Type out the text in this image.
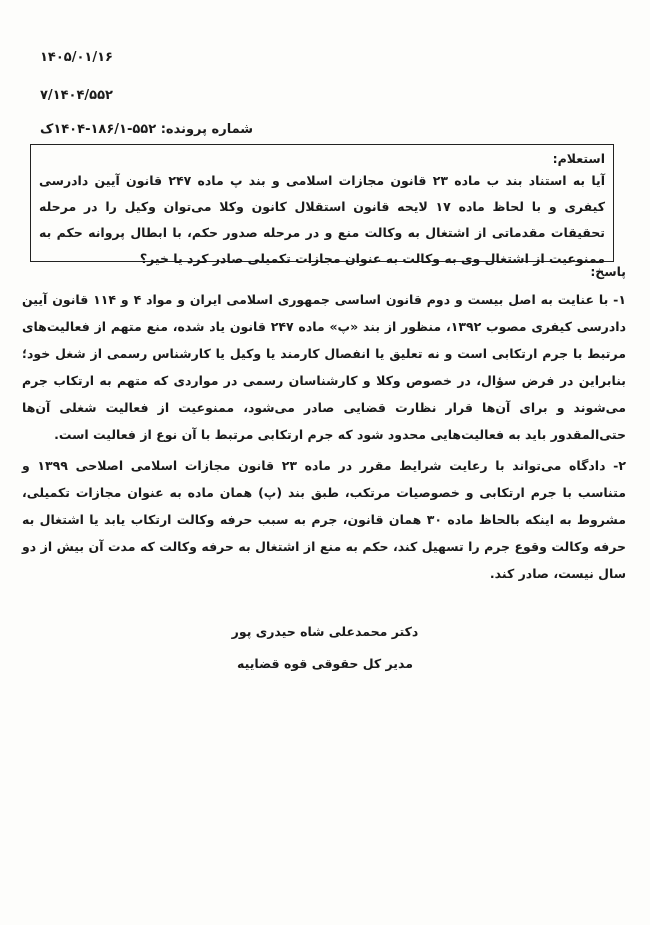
۱۴۰۵/۰۱/۱۶
۷/۱۴۰۴/۵۵۲
شماره پرونده: ۵۵۲-۱۸۶/۱-۱۴۰۴ک
استعلام:
آیا به استناد بند ب ماده ۲۳ قانون مجازات اسلامی و بند پ ماده ۲۴۷ قانون آیین دادرسی کیفری و با لحاظ ماده ۱۷ لایحه قانون استقلال کانون وکلا می‌توان وکیل را در مرحله تحقیقات مقدماتی از اشتغال به وکالت منع و در مرحله صدور حکم، با ابطال پروانه حکم به ممنوعیت از اشتغال وی به وکالت به عنوان مجازات تکمیلی صادر کرد یا خیر؟
پاسخ:

۱- با عنایت به اصل بیست و دوم قانون اساسی جمهوری اسلامی ایران و مواد ۴ و ۱۱۴ قانون آیین دادرسی کیفری مصوب ۱۳۹۲، منظور از بند «پ» ماده ۲۴۷ قانون یاد شده، منع متهم از فعالیت‌های مرتبط با جرم ارتکابی است و نه تعلیق یا انفصال کارمند یا وکیل یا کارشناس رسمی از شغل خود؛ بنابراین در فرض سؤال، در خصوص وکلا و کارشناسان رسمی در مواردی که متهم به ارتکاب جرم می‌شوند و برای آن‌ها قرار نظارت قضایی صادر می‌شود، ممنوعیت از فعالیت شغلی آن‌ها حتی‌المقدور باید به فعالیت‌هایی محدود شود که جرم ارتکابی مرتبط با آن نوع از فعالیت است.

۲- دادگاه می‌تواند با رعایت شرایط مقرر در ماده ۲۳ قانون مجازات اسلامی اصلاحی ۱۳۹۹ و متناسب با جرم ارتکابی و خصوصیات مرتکب، طبق بند (پ) همان ماده به عنوان مجازات تکمیلی، مشروط به اینکه بالحاظ ماده ۳۰ همان قانون، جرم به سبب حرفه وکالت ارتکاب یابد یا اشتغال به حرفه وکالت وقوع جرم را تسهیل کند، حکم به منع از اشتغال به حرفه وکالت که مدت آن بیش از دو سال نیست، صادر کند.

دکتر محمدعلی شاه حیدری پور
مدیر کل حقوقی قوه قضاییه
